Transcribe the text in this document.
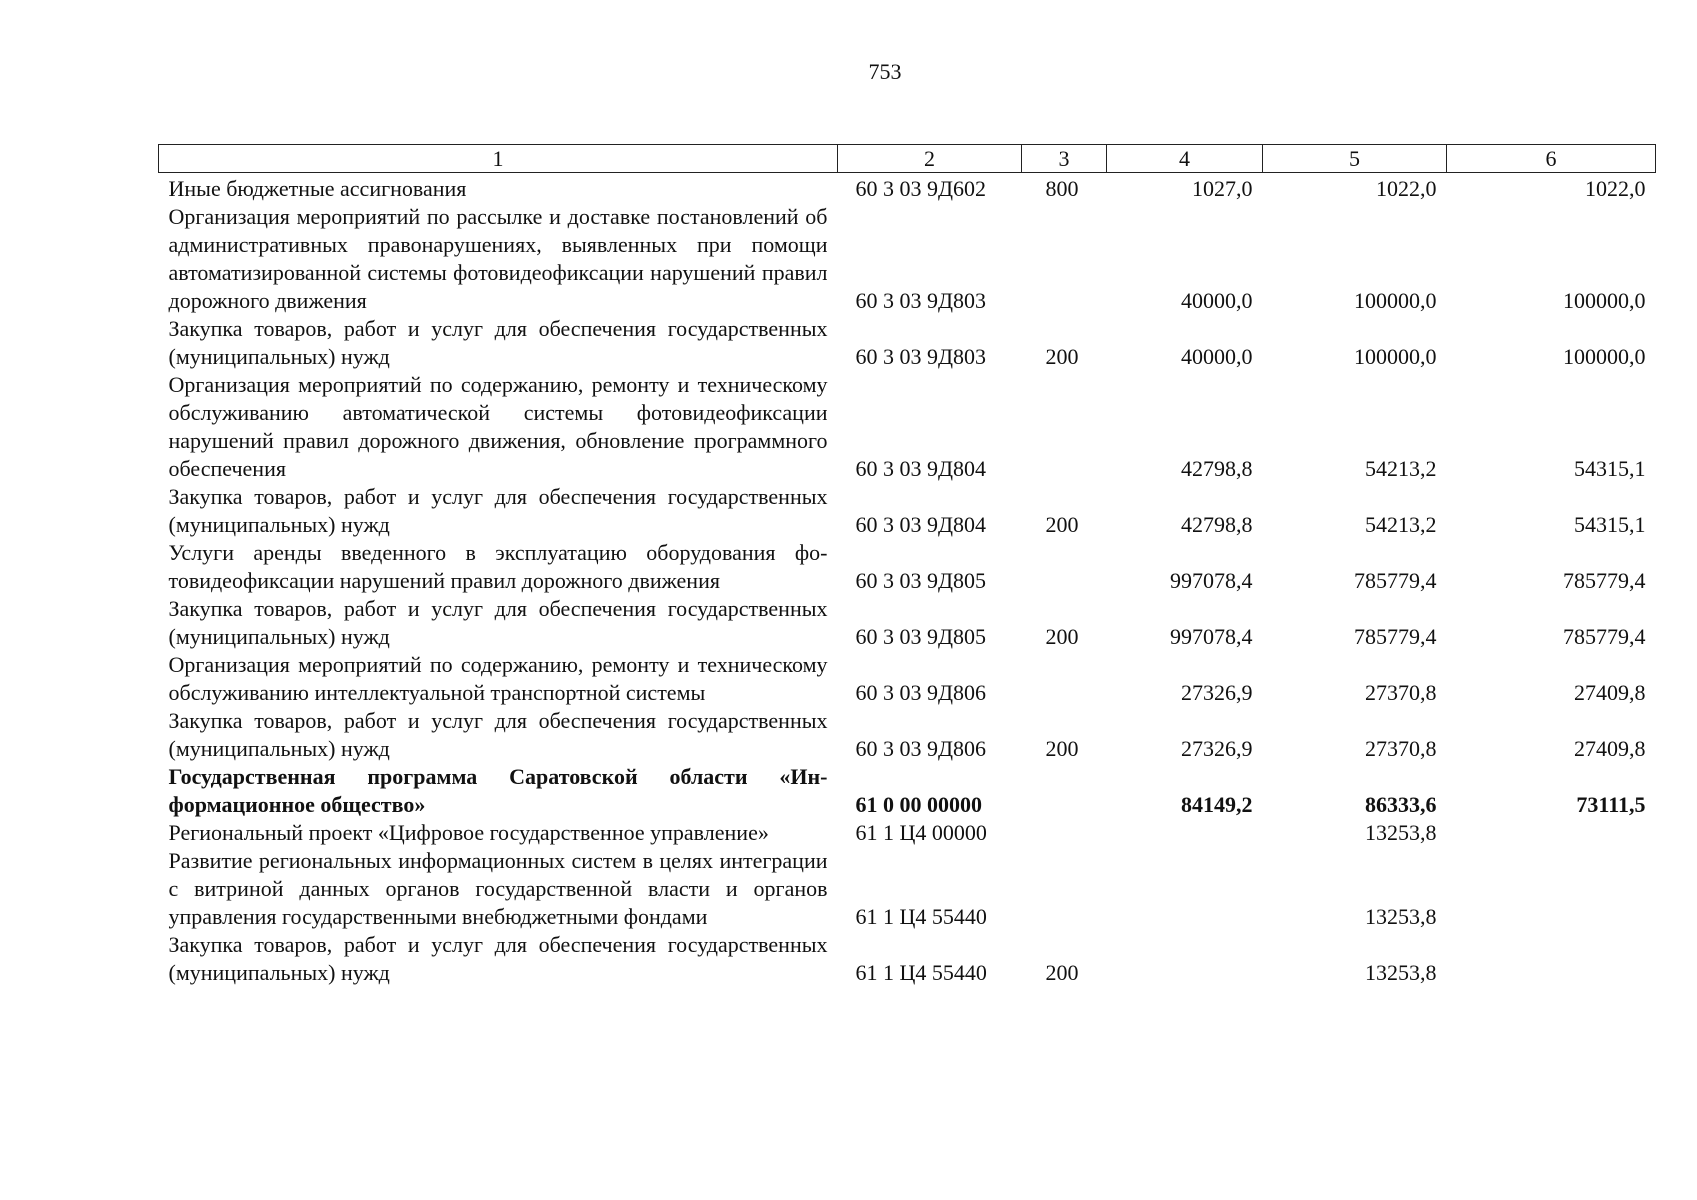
753
1	2	3	4	5	6
Иные бюджетные ассигнования	60 3 03 9Д602	800	1027,0	1022,0	1022,0
Организация мероприятий по рассылке и доставке постановлений об административных правонарушениях, выявленных при помощи автоматизированной системы фотовидеофиксации нарушений правил дорожного движения	60 3 03 9Д803		40000,0	100000,0	100000,0
Закупка товаров, работ и услуг для обеспечения государственных (муниципальных) нужд	60 3 03 9Д803	200	40000,0	100000,0	100000,0
Организация мероприятий по содержанию, ремонту и техническому обслуживанию автоматической системы фотовидеофиксации нарушений правил дорожного движения, обновление программного обеспечения	60 3 03 9Д804		42798,8	54213,2	54315,1
Закупка товаров, работ и услуг для обеспечения государственных (муниципальных) нужд	60 3 03 9Д804	200	42798,8	54213,2	54315,1
Услуги аренды введенного в эксплуатацию оборудования фотовидеофиксации нарушений правил дорожного движения	60 3 03 9Д805		997078,4	785779,4	785779,4
Закупка товаров, работ и услуг для обеспечения государственных (муниципальных) нужд	60 3 03 9Д805	200	997078,4	785779,4	785779,4
Организация мероприятий по содержанию, ремонту и техническому обслуживанию интеллектуальной транспортной системы	60 3 03 9Д806		27326,9	27370,8	27409,8
Закупка товаров, работ и услуг для обеспечения государственных (муниципальных) нужд	60 3 03 9Д806	200	27326,9	27370,8	27409,8
Государственная программа Саратовской области «Информационное общество»	61 0 00 00000		84149,2	86333,6	73111,5
Региональный проект «Цифровое государственное управление»	61 1 Ц4 00000			13253,8	
Развитие региональных информационных систем в целях интеграции с витриной данных органов государственной власти и органов управления государственными внебюджетными фондами	61 1 Ц4 55440			13253,8	
Закупка товаров, работ и услуг для обеспечения государственных (муниципальных) нужд	61 1 Ц4 55440	200		13253,8	
